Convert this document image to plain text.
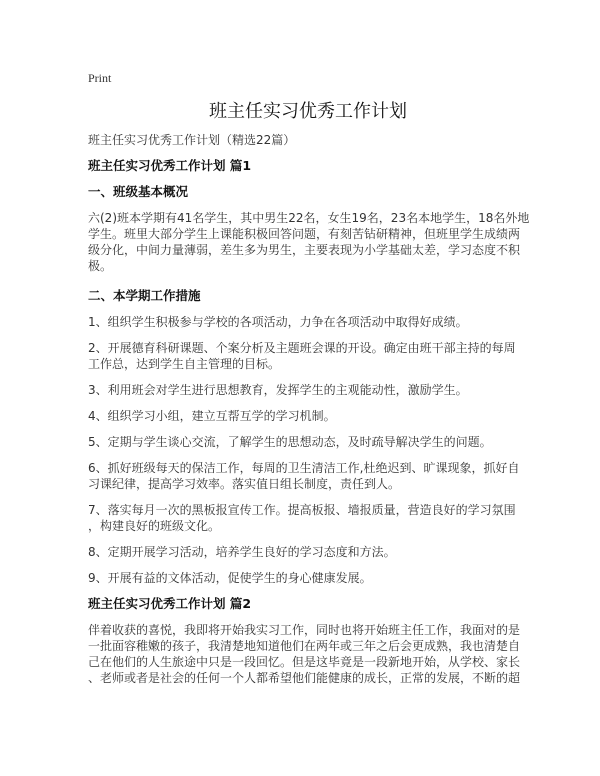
Print
班主任实习优秀工作计划
班主任实习优秀工作计划（精选22篇）
班主任实习优秀工作计划 篇1
一、班级基本概况
六(2)班本学期有41名学生，其中男生22名，女生19名，23名本地学生，18名外地
学生。班里大部分学生上课能积极回答问题，有刻苦钻研精神，但班里学生成绩两
级分化，中间力量薄弱，差生多为男生，主要表现为小学基础太差，学习态度不积
极。
二、本学期工作措施
1、组织学生积极参与学校的各项活动，力争在各项活动中取得好成绩。
2、开展德育科研课题、个案分析及主题班会课的开设。确定由班干部主持的每周
工作总，达到学生自主管理的目标。
3、利用班会对学生进行思想教育，发挥学生的主观能动性，激励学生。
4、组织学习小组，建立互帮互学的学习机制。
5、定期与学生谈心交流，了解学生的思想动态，及时疏导解决学生的问题。
6、抓好班级每天的保洁工作，每周的卫生清洁工作,杜绝迟到、旷课现象，抓好自
习课纪律，提高学习效率。落实值日组长制度，责任到人。
7、落实每月一次的黑板报宣传工作。提高板报、墙报质量，营造良好的学习氛围
，构建良好的班级文化。
8、定期开展学习活动，培养学生良好的学习态度和方法。
9、开展有益的文体活动，促使学生的身心健康发展。
班主任实习优秀工作计划 篇2
伴着收获的喜悦，我即将开始我实习工作，同时也将开始班主任工作，我面对的是
一批面容稚嫩的孩子，我清楚地知道他们在两年或三年之后会更成熟，我也清楚自
己在他们的人生旅途中只是一段回忆。但是这毕竟是一段新地开始，从学校、家长
、老师或者是社会的任何一个人都希望他们能健康的成长，正常的发展，不断的超
